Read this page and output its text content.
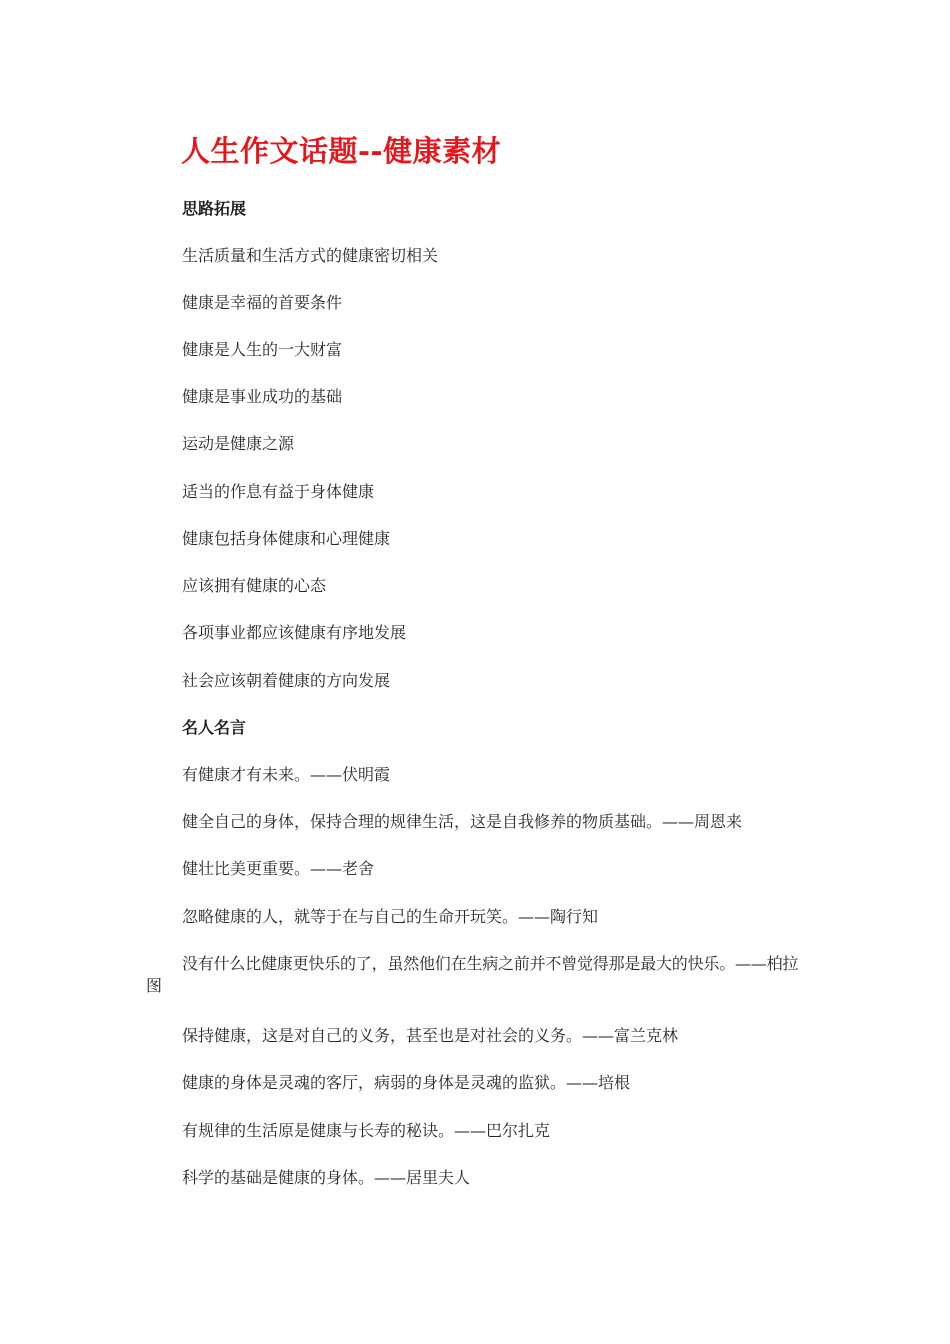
人生作文话题--健康素材
思路拓展
生活质量和生活方式的健康密切相关
健康是幸福的首要条件
健康是人生的一大财富
健康是事业成功的基础
运动是健康之源
适当的作息有益于身体健康
健康包括身体健康和心理健康
应该拥有健康的心态
各项事业都应该健康有序地发展
社会应该朝着健康的方向发展
名人名言
有健康才有未来。——伏明霞
健全自己的身体，保持合理的规律生活，这是自我修养的物质基础。——周恩来
健壮比美更重要。——老舍
忽略健康的人，就等于在与自己的生命开玩笑。——陶行知
没有什么比健康更快乐的了，虽然他们在生病之前并不曾觉得那是最大的快乐。——柏拉图
保持健康，这是对自己的义务，甚至也是对社会的义务。——富兰克林
健康的身体是灵魂的客厅，病弱的身体是灵魂的监狱。——培根
有规律的生活原是健康与长寿的秘诀。——巴尔扎克
科学的基础是健康的身体。——居里夫人
